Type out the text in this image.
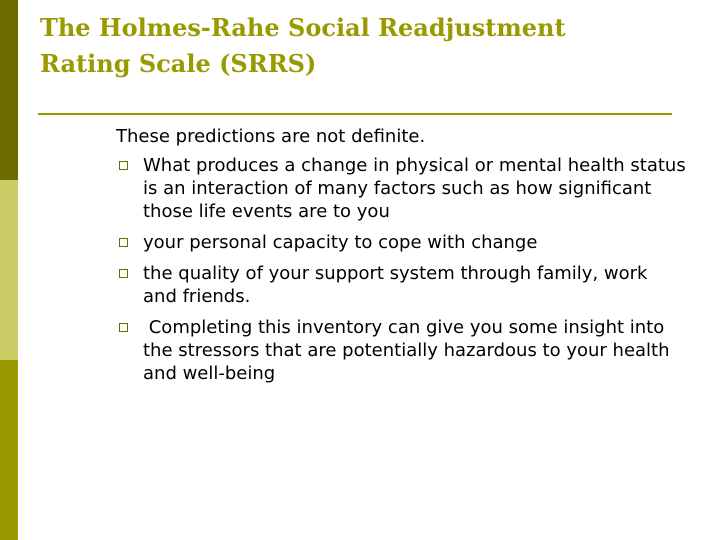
The Holmes-Rahe Social Readjustment
Rating Scale (SRRS)

These predictions are not definite.

What produces a change in physical or mental health status is an interaction of many factors such as how significant those life events are to you
your personal capacity to cope with change
the quality of your support system through family, work and friends.
Completing this inventory can give you some insight into the stressors that are potentially hazardous to your health and well-being
